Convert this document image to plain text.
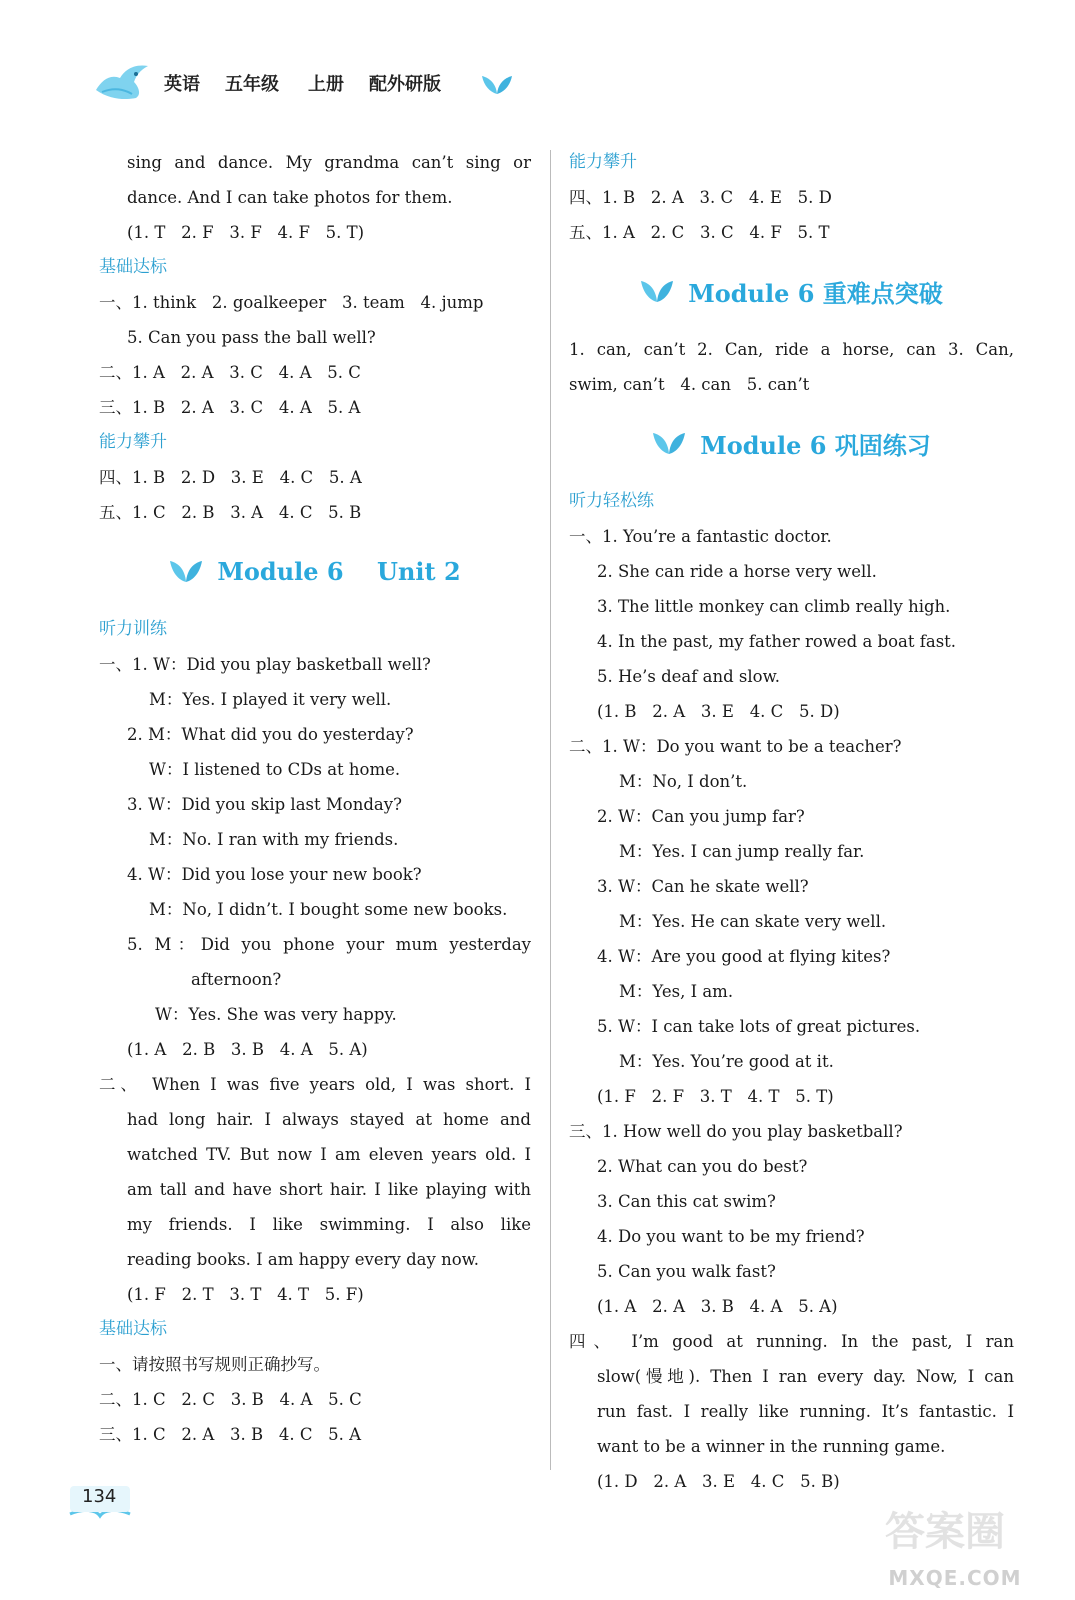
英语 五年级 上册 配外研版
sing and dance. My grandma can’t sing or
dance. And I can take photos for them.
(1. T   2. F   3. F   4. F   5. T)
基础达标
一、1. think   2. goalkeeper   3. team   4. jump
5. Can you pass the ball well?
二、1. A   2. A   3. C   4. A   5. C
三、1. B   2. A   3. C   4. A   5. A
能力攀升
四、1. B   2. D   3. E   4. C   5. A
五、1. C   2. B   3. A   4. C   5. B
Module 6    Unit 2
听力训练
一、1. W：Did you play basketball well?
M：Yes. I played it very well.
2. M：What did you do yesterday?
W：I listened to CDs at home.
3. W：Did you skip last Monday?
M：No. I ran with my friends.
4. W：Did you lose your new book?
M：No, I didn’t. I bought some new books.
5. M：Did you phone your mum yesterday
afternoon?
W：Yes. She was very happy.
(1. A   2. B   3. B   4. A   5. A)
二、 When I was five years old, I was short. I
had long hair. I always stayed at home and
watched TV. But now I am eleven years old. I
am tall and have short hair. I like playing with
my friends. I like swimming. I also like
reading books. I am happy every day now.
(1. F   2. T   3. T   4. T   5. F)
基础达标
一、请按照书写规则正确抄写。
二、1. C   2. C   3. B   4. A   5. C
三、1. C   2. A   3. B   4. C   5. A
能力攀升
四、1. B   2. A   3. C   4. E   5. D
五、1. A   2. C   3. C   4. F   5. T
Module 6 重难点突破
1. can, can’t 2. Can, ride a horse, can 3. Can,
swim, can’t   4. can   5. can’t
Module 6 巩固练习
听力轻松练
一、1. You’re a fantastic doctor.
2. She can ride a horse very well.
3. The little monkey can climb really high.
4. In the past, my father rowed a boat fast.
5. He’s deaf and slow.
(1. B   2. A   3. E   4. C   5. D)
二、1. W：Do you want to be a teacher?
M：No, I don’t.
2. W：Can you jump far?
M：Yes. I can jump really far.
3. W：Can he skate well?
M：Yes. He can skate very well.
4. W：Are you good at flying kites?
M：Yes, I am.
5. W：I can take lots of great pictures.
M：Yes. You’re good at it.
(1. F   2. F   3. T   4. T   5. T)
三、1. How well do you play basketball?
2. What can you do best?
3. Can this cat swim?
4. Do you want to be my friend?
5. Can you walk fast?
(1. A   2. A   3. B   4. A   5. A)
四、 I’m good at running. In the past, I ran
slow(慢地). Then I ran every day. Now, I can
run fast. I really like running. It’s fantastic. I
want to be a winner in the running game.
(1. D   2. A   3. E   4. C   5. B)
134
答案圈
MXQE.COM
